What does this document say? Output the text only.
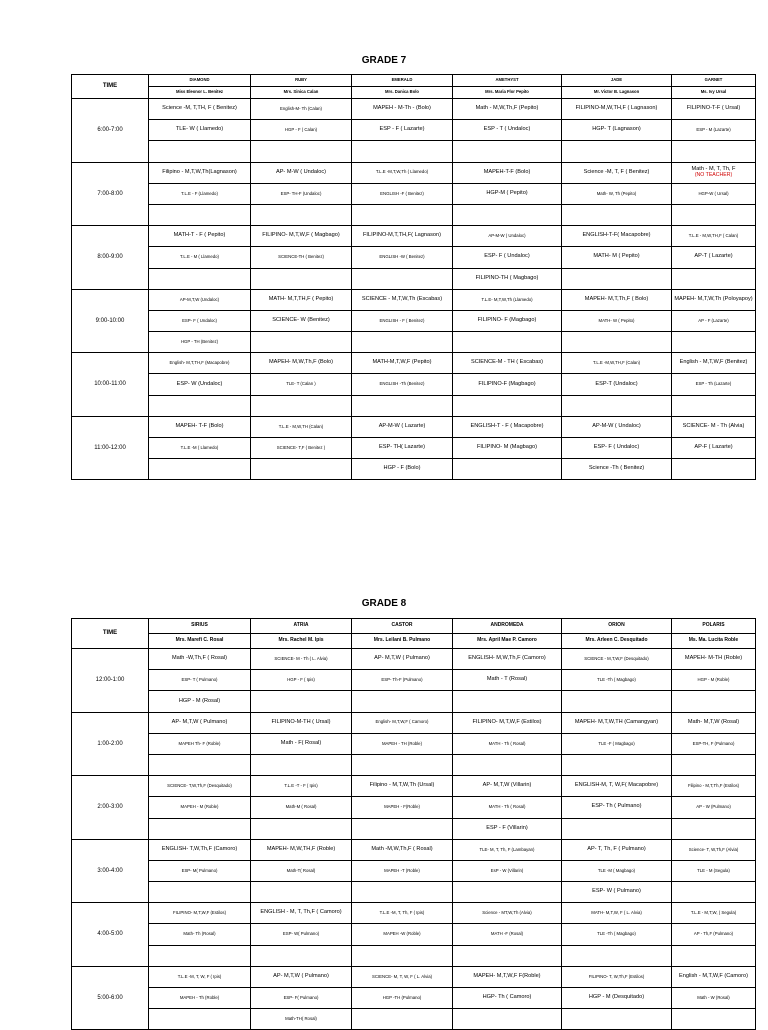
GRADE 7
TIME	DIAMOND	RUBY	EMERALD	AMETHYST	JADE	GARNET
	Miss Eleonor L. Benitez	Mrs. Sinica Calan	Mrs. Danica Bolo	Mrs. Maria Flor Pepito	Mr. Victor B. Lagnason	Ms. Ivy Ursal
6:00-7:00	Science -M, T,TH, F ( Benitez)	English-M- Th (Calan)	MAPEH - M-Th - (Bolo)	Math - M,W,Th,F (Pepito)	FILIPINO-M,W,TH,F ( Lagnason)	FILIPINO-T-F ( Ursal)
	TLE- W ( Llamedo)	HGP - F ( Calan)	ESP - F ( Lazarte)	ESP - T ( Undaloc)	HGP- T (Lagnason)	ESP - M (Lazarte)

7:00-8:00	Filipino - M,T,W,Th(Lagnason)	AP- M-W ( Undaloc)	T.L.E -M,T,W,Th ( Llamedo)	MAPEH-T-F (Bolo)	Science -M, T, F ( Benitez)	Math - M, T, Th, F
(NO TEACHER)
	T.L.E - F (Llamedo)	ESP- TH-F (Undaloc)	ENGLISH -F ( Benitez)	HGP-M ( Pepito)	Math- W, Th (Pepito)	HGP-W ( Ursal)

8:00-9:00	MATH-T - F ( Pepito)	FILIPINO- M,T,W,F ( Magbago)	FILIPINO-M,T,TH,F( Lagnason)	AP-M-W ( Undaloc)	ENGLISH-T-F( Macapobre)	T.L.E - M,W,TH,F ( Calan)
	T.L.E - M ( Llamedo)	SCIENCE-TH ( Benitez)	ENGLISH -W ( Benitez)	ESP- F ( Undaloc)	MATH- M ( Pepito)	AP-T ( Lazarte)
				FILIPINO-TH ( Magbago)		
9:00-10:00	AP-M,T,W (Undaloc)	MATH- M,T,TH,F ( Pepito)	SCIENCE - M,T,W,Th (Escabas)	T.L.E- M,T,W,Th (Llamedo)	MAPEH- M,T,Th,F ( Bolo)	MAPEH- M,T,W,Th (Poloyapoy)
	ESP- F ( Undaloc)	SCIENCE- W (Benitez)	ENGLISH - F ( Benitez)	FILIPINO- F (Magbago)	MATH- W ( Pepito)	AP - F (Lazarte)
	HGP - TH (Benitez)					
10:00-11:00	English- M,T,TH,F (Macapobre)	MAPEH- M,W,Th,F (Bolo)	MATH-M,T,W,F (Pepito)	SCIENCE-M - TH ( Escabas)	T.L.E -M,W,TH,F (Calan)	English - M,T,W,F (Benitez)
	ESP- W (Undaloc)	TLE- T (Calan )	ENGLISH -Th (Benitez)	FILIPINO-F (Magbago)	ESP-T (Undaloc)	ESP - Th (Lazarte)

11:00-12:00	MAPEH- T-F (Bolo)	T.L.E - M,W,TH (Calan)	AP-M-W ( Lazarte)	ENGLISH-T - F ( Macapobre)	AP-M-W ( Undaloc)	SCIENCE- M - Th (Alvia)
	T.L.E -M ( Llamedo)	SCIENCE- T,F ( Benitez )	ESP- TH( Lazarte)	FILIPINO- M (Magbago)	ESP- F ( Undaloc)	AP-F ( Lazarte)
			HGP - F (Bolo)		Science -Th ( Benitez)	
GRADE 8
TIME	SIRIUS	ATRIA	CASTOR	ANDROMEDA	ORION	POLARIS
	Mrs. Marefi C. Rosal	Mrs. Rachel M. Ipis	Mrs. Leilani B. Pulmano	Mrs. April Mae P. Camoro	Mrs. Arleen C. Desquitado	Ms. Ma. Lucita Roble
12:00-1:00	Math -W,Th,F ( Rosal)	SCIENCE- M - Th ( L. Alvia)	AP- M,T,W ( Pulmano)	ENGLISH- M,W,Th,F (Camoro)	SCIENCE - M,T,W,F (Desquitado)	MAPEH- M-TH (Roble)
	ESP- T ( Pulmano)	HGP - F ( Ipis)	ESP- Th-F (Pulmano)	Math - T (Rosal)	TLE -Th ( Magbago)	HGP - M (Roble)
	HGP - M (Rosal)					
1:00-2:00	AP- M,T,W ( Pulmano)	FILIPINO-M-TH ( Ursal)	English- M,T,W,F ( Camoro)	FILIPINO- M,T,W,F (Estilos)	MAPEH- M,T,W,TH (Camangyan)	Math- M,T,W (Rosal)
	MAPEH Th- F (Roble)	Math - F( Rosal)	MAPEH - TH (Roble)	MATH - Th ( Rosal)	TLE -F ( Magbago)	ESP-TH, F (Pulmano)

2:00-3:00	SCIENCE- T,W,Th,F (Desquitado)	T.L.E -T - F ( Ipis)	Filipino - M,T,W,Th (Ursal)	AP- M,T,W (Villarin)	ENGLISH-M, T, W,F( Macapobre)	Filipino - M,T,Th,F (Estilos)
	MAPEH - M (Roble)	Math-M ( Rosal)	MAPEH - F(Roble)	MATH - Th ( Rosal)	ESP- Th ( Pulmano)	AP - W (Pulmano)
				ESP - F (Villarin)		
3:00-4:00	ENGLISH- T,W,Th,F (Camoro)	MAPEH- M,W,TH,F (Roble)	Math -M,W,Th,F ( Rosal)	TLE- M, T, Th, F (Lambayan)	AP- T, Th, F ( Pulmano)	Science- T, W,Th,F (Alvia)
	ESP- M( Pulmano)	Math-T( Rosal)	MAPEH -T (Roble)	EsP - W (Villarin)	TLE -M ( Magbago)	TLE - M (Segula)
					ESP- W ( Pulmano)	
4:00-5:00	FILIPINO- M,T,W,F (Estilos)	ENGLISH - M, T, Th,F ( Camoro)	T.L.E -M, T, Th, F ( Ipis)	Science - MT,W,Th (Alvia)	MATH- M,T,W, F ( L. Alvia)	T.L.E - M,T,W, ( Segula)
	Math- Th (Rosal)	ESP- W( Pulmano)	MAPEH -W (Roble)	MATH -F (Rosal)	TLE -Th ( Magbago)	AP - Th,F (Pulmano)

5:00-6:00	T.L.E -M, T, W, F ( Ipis)	AP- M,T,W ( Pulmano)	SCIENCE- M, T, W, F ( L. Alvia)	MAPEH- M,T,W,F F(Roble)	FILIPINO- T, W,Th,F (Estilos)	English - M,T,W,F (Camoro)
	MAPEH - Th (Roble)	ESP- F( Pulmano)	HGP -TH (Pulmano)	HGP- Th ( Camoro)	HGP - M (Desquitado)	Math - W (Rosal)
		Math-TH( Rosal)				
